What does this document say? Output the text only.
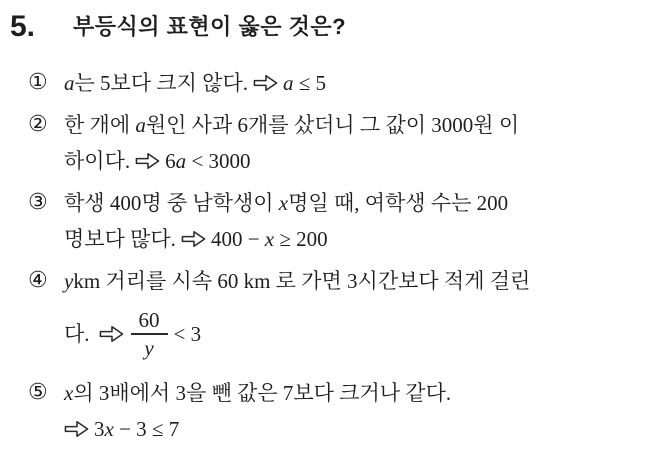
5. 부등식의 표현이 옳은 것은?
① a는 5보다 크지 않다. a ≤ 5
② 한 개에 a원인 사과 6개를 샀더니 그 값이 3000원 이
하이다. 6a < 3000
③ 학생 400명 중 남학생이 x명일 때, 여학생 수는 200
명보다 많다. 400 − x ≥ 200
④ ykm 거리를 시속 60 km 로 가면 3시간보다 적게 걸린
다. $\frac{60}{y} < 3$
⑤ x의 3배에서 3을 뺀 값은 7보다 크거나 같다.
3x − 3 ≤ 7
